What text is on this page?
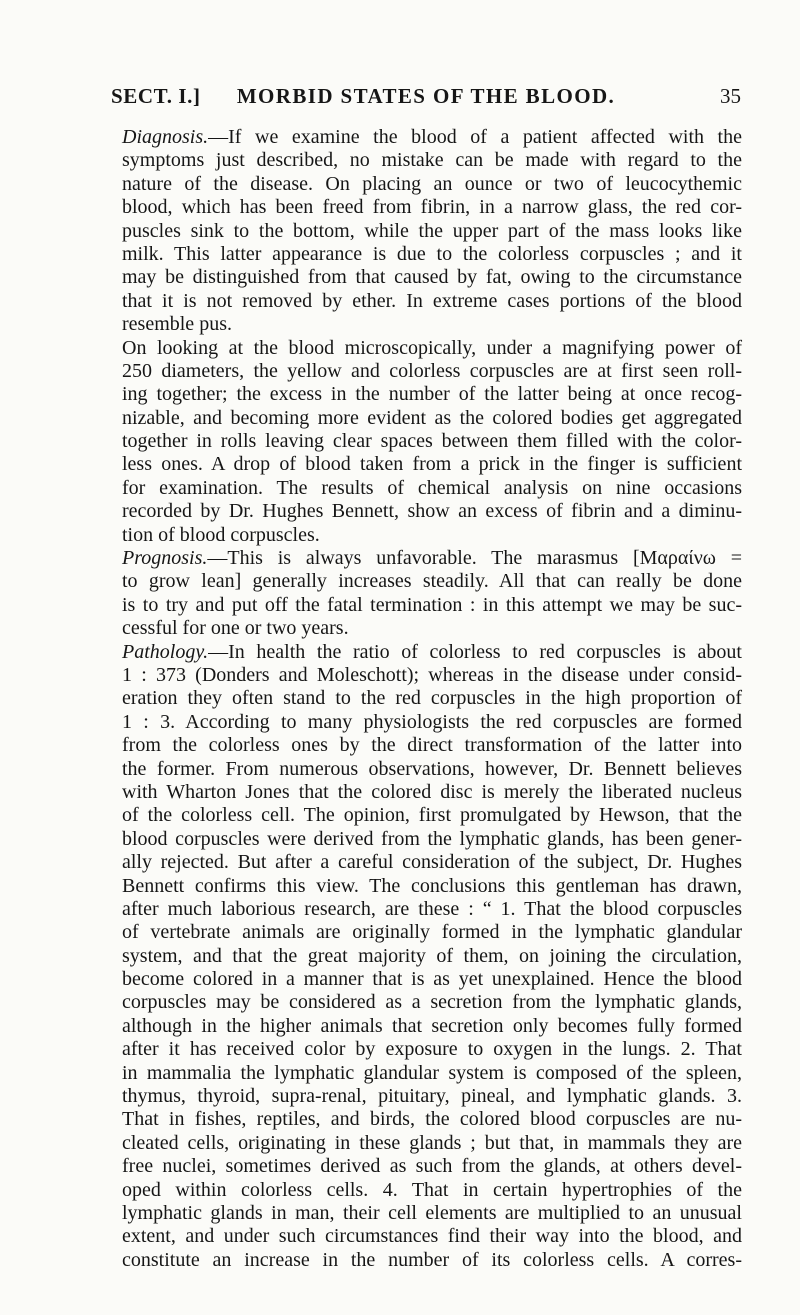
SECT. I.]	MORBID STATES OF THE BLOOD.	35
Diagnosis.—If we examine the blood of a patient affected with the
symptoms just described, no mistake can be made with regard to the
nature of the disease. On placing an ounce or two of leucocythemic
blood, which has been freed from fibrin, in a narrow glass, the red cor-
puscles sink to the bottom, while the upper part of the mass looks like
milk. This latter appearance is due to the colorless corpuscles ; and it
may be distinguished from that caused by fat, owing to the circumstance
that it is not removed by ether. In extreme cases portions of the blood
resemble pus.
On looking at the blood microscopically, under a magnifying power of
250 diameters, the yellow and colorless corpuscles are at first seen roll-
ing together; the excess in the number of the latter being at once recog-
nizable, and becoming more evident as the colored bodies get aggregated
together in rolls leaving clear spaces between them filled with the color-
less ones. A drop of blood taken from a prick in the finger is sufficient
for examination. The results of chemical analysis on nine occasions
recorded by Dr. Hughes Bennett, show an excess of fibrin and a diminu-
tion of blood corpuscles.
Prognosis.—This is always unfavorable. The marasmus [Μαραίνω =
to grow lean] generally increases steadily. All that can really be done
is to try and put off the fatal termination : in this attempt we may be suc-
cessful for one or two years.
Pathology.—In health the ratio of colorless to red corpuscles is about
1 : 373 (Donders and Moleschott); whereas in the disease under consid-
eration they often stand to the red corpuscles in the high proportion of
1 : 3. According to many physiologists the red corpuscles are formed
from the colorless ones by the direct transformation of the latter into
the former. From numerous observations, however, Dr. Bennett believes
with Wharton Jones that the colored disc is merely the liberated nucleus
of the colorless cell. The opinion, first promulgated by Hewson, that the
blood corpuscles were derived from the lymphatic glands, has been gener-
ally rejected. But after a careful consideration of the subject, Dr. Hughes
Bennett confirms this view. The conclusions this gentleman has drawn,
after much laborious research, are these : “ 1. That the blood corpuscles
of vertebrate animals are originally formed in the lymphatic glandular
system, and that the great majority of them, on joining the circulation,
become colored in a manner that is as yet unexplained. Hence the blood
corpuscles may be considered as a secretion from the lymphatic glands,
although in the higher animals that secretion only becomes fully formed
after it has received color by exposure to oxygen in the lungs. 2. That
in mammalia the lymphatic glandular system is composed of the spleen,
thymus, thyroid, supra-renal, pituitary, pineal, and lymphatic glands. 3.
That in fishes, reptiles, and birds, the colored blood corpuscles are nu-
cleated cells, originating in these glands ; but that, in mammals they are
free nuclei, sometimes derived as such from the glands, at others devel-
oped within colorless cells. 4. That in certain hypertrophies of the
lymphatic glands in man, their cell elements are multiplied to an unusual
extent, and under such circumstances find their way into the blood, and
constitute an increase in the number of its colorless cells. A corres-
